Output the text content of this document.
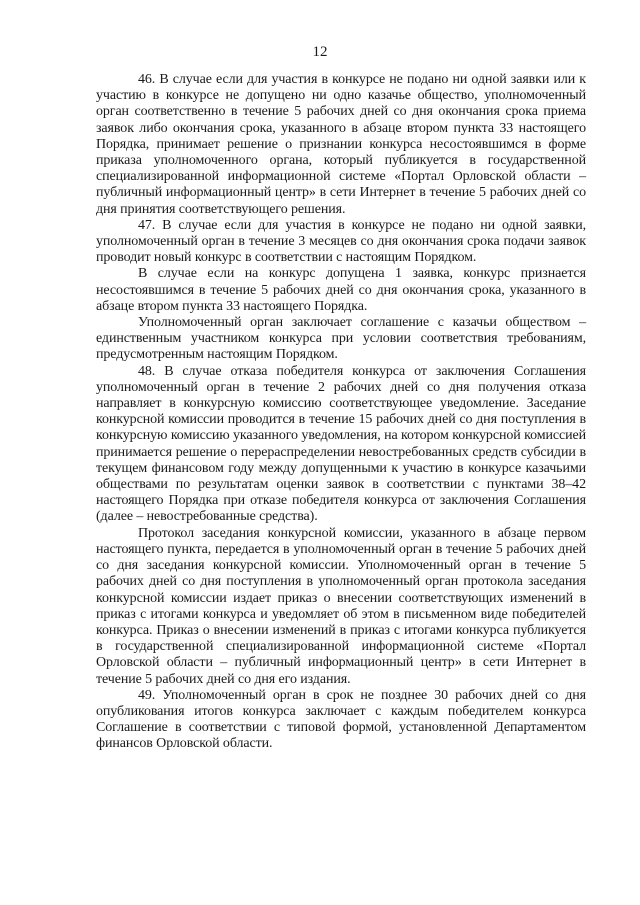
12

46. В случае если для участия в конкурсе не подано ни одной заявки или к участию в конкурсе не допущено ни одно казачье общество, уполномоченный орган соответственно в течение 5 рабочих дней со дня окончания срока приема заявок либо окончания срока, указанного в абзаце втором пункта 33 настоящего Порядка, принимает решение о признании конкурса несостоявшимся в форме приказа уполномоченного органа, который публикуется в государственной специализированной информационной системе «Портал Орловской области – публичный информационный центр» в сети Интернет в течение 5 рабочих дней со дня принятия соответствующего решения.

47. В случае если для участия в конкурсе не подано ни одной заявки, уполномоченный орган в течение 3 месяцев со дня окончания срока подачи заявок проводит новый конкурс в соответствии с настоящим Порядком.

В случае если на конкурс допущена 1 заявка, конкурс признается несостоявшимся в течение 5 рабочих дней со дня окончания срока, указанного в абзаце втором пункта 33 настоящего Порядка.

Уполномоченный орган заключает соглашение с казачьи обществом – единственным участником конкурса при условии соответствия требованиям, предусмотренным настоящим Порядком.

48. В случае отказа победителя конкурса от заключения Соглашения уполномоченный орган в течение 2 рабочих дней со дня получения отказа направляет в конкурсную комиссию соответствующее уведомление. Заседание конкурсной комиссии проводится в течение 15 рабочих дней со дня поступления в конкурсную комиссию указанного уведомления, на котором конкурсной комиссией принимается решение о перераспределении невостребованных средств субсидии в текущем финансовом году между допущенными к участию в конкурсе казачьими обществами по результатам оценки заявок в соответствии с пунктами 38–42 настоящего Порядка при отказе победителя конкурса от заключения Соглашения (далее – невостребованные средства).

Протокол заседания конкурсной комиссии, указанного в абзаце первом настоящего пункта, передается в уполномоченный орган в течение 5 рабочих дней со дня заседания конкурсной комиссии. Уполномоченный орган в течение 5 рабочих дней со дня поступления в уполномоченный орган протокола заседания конкурсной комиссии издает приказ о внесении соответствующих изменений в приказ с итогами конкурса и уведомляет об этом в письменном виде победителей конкурса. Приказ о внесении изменений в приказ с итогами конкурса публикуется в государственной специализированной информационной системе «Портал Орловской области – публичный информационный центр» в сети Интернет в течение 5 рабочих дней со дня его издания.

49. Уполномоченный орган в срок не позднее 30 рабочих дней со дня опубликования итогов конкурса заключает с каждым победителем конкурса Соглашение в соответствии с типовой формой, установленной Департаментом финансов Орловской области.
